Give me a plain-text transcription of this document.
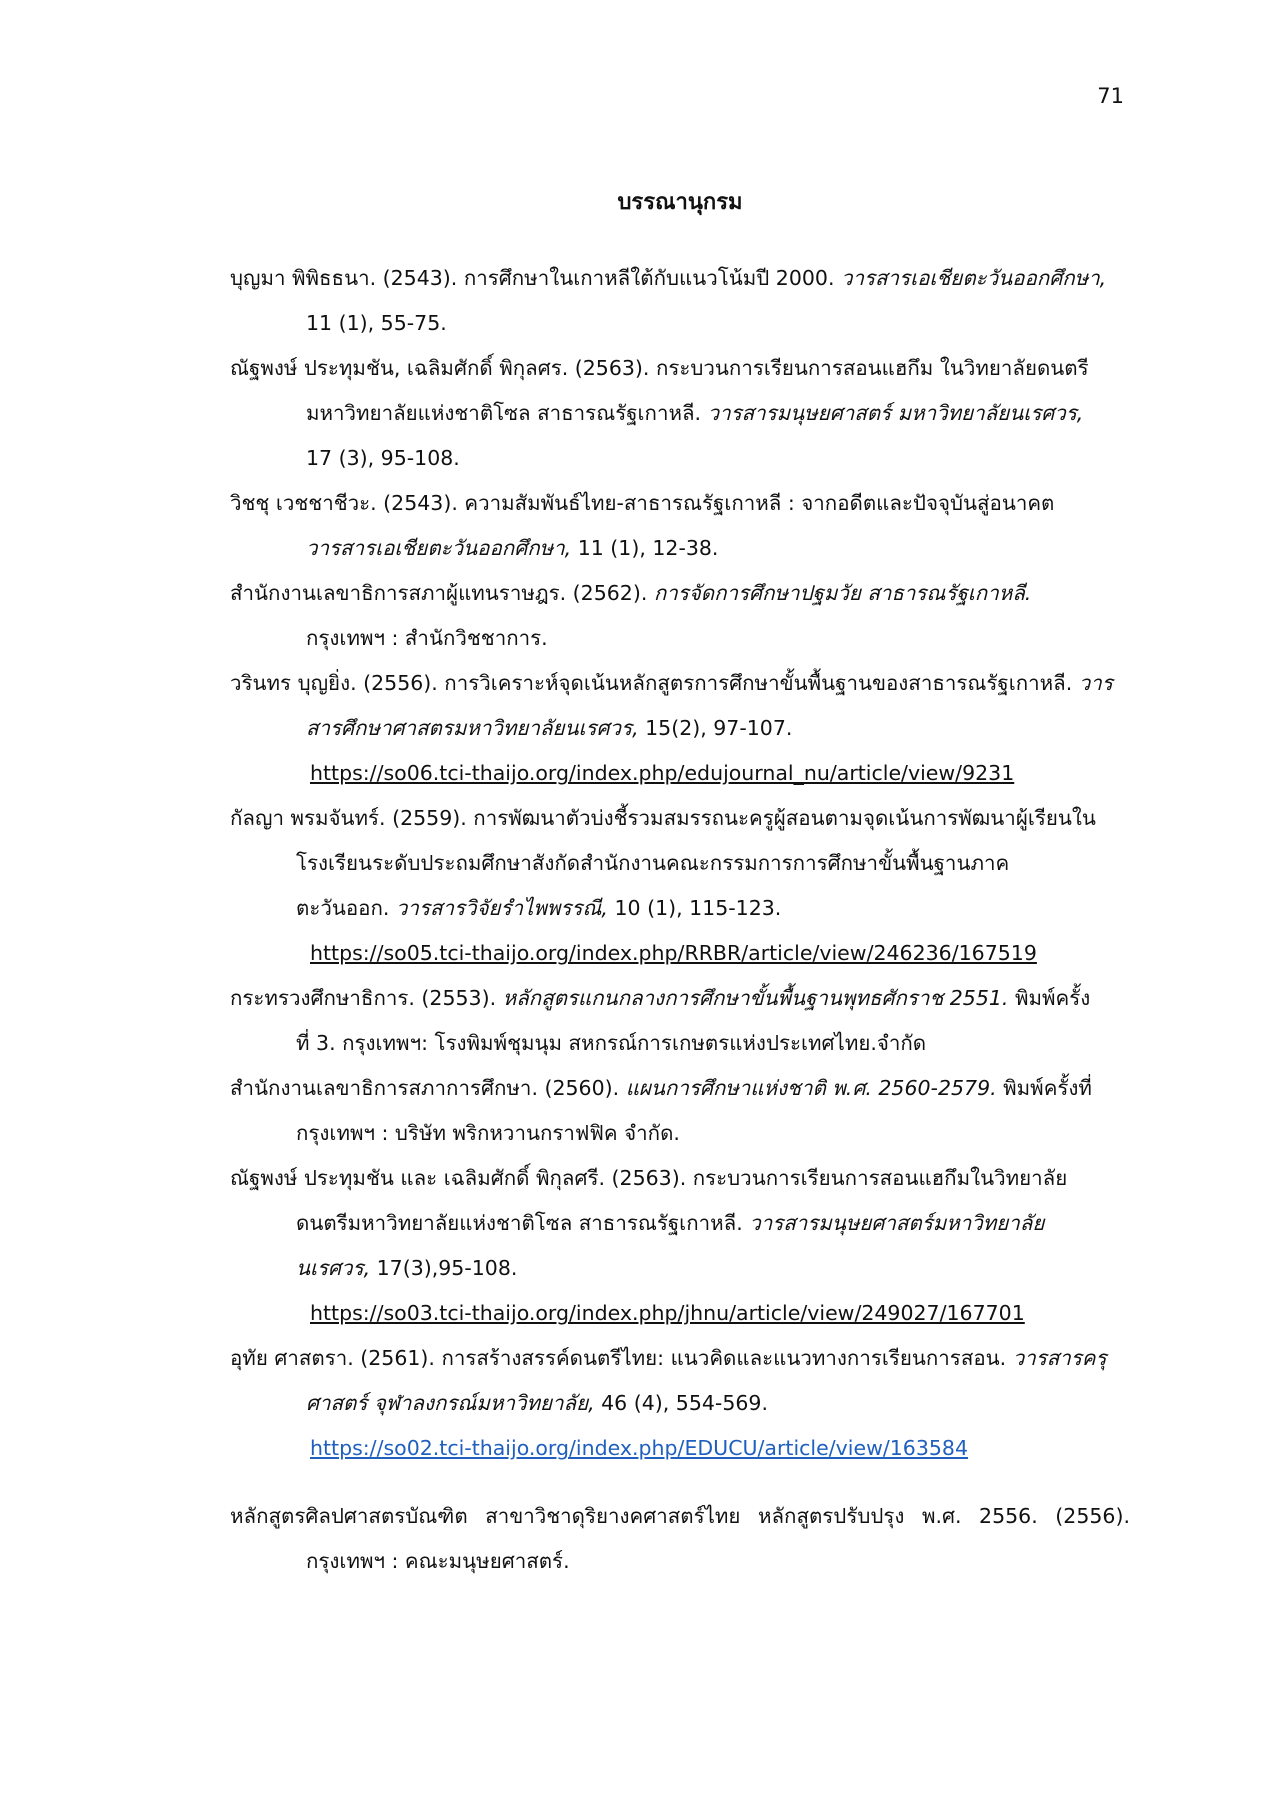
71
บรรณานุกรม
บุญมา พิพิธธนา. (2543). การศึกษาในเกาหลีใต้กับแนวโน้มปี 2000. วารสารเอเชียตะวันออกศึกษา,
11 (1), 55-75.
ณัฐพงษ์ ประทุมชัน, เฉลิมศักดิ์ พิกุลศร. (2563). กระบวนการเรียนการสอนแฮกึม ในวิทยาลัยดนตรี
มหาวิทยาลัยแห่งชาติโซล สาธารณรัฐเกาหลี. วารสารมนุษยศาสตร์ มหาวิทยาลัยนเรศวร,
17 (3), 95-108.
วิชชุ เวชชาชีวะ. (2543). ความสัมพันธ์ไทย-สาธารณรัฐเกาหลี : จากอดีตและปัจจุบันสู่อนาคต
วารสารเอเชียตะวันออกศึกษา, 11 (1), 12-38.
สำนักงานเลขาธิการสภาผู้แทนราษฎร. (2562). การจัดการศึกษาปฐมวัย สาธารณรัฐเกาหลี.
กรุงเทพฯ : สำนักวิชชาการ.
วรินทร บุญยิ่ง. (2556). การวิเคราะห์จุดเน้นหลักสูตรการศึกษาขั้นพื้นฐานของสาธารณรัฐเกาหลี. วาร
สารศึกษาศาสตรมหาวิทยาลัยนเรศวร, 15(2), 97-107.
https://so06.tci-thaijo.org/index.php/edujournal_nu/article/view/9231
กัลญา พรมจันทร์. (2559). การพัฒนาตัวบ่งชี้รวมสมรรถนะครูผู้สอนตามจุดเน้นการพัฒนาผู้เรียนใน
โรงเรียนระดับประถมศึกษาสังกัดสำนักงานคณะกรรมการการศึกษาขั้นพื้นฐานภาค
ตะวันออก. วารสารวิจัยรำไพพรรณี, 10 (1), 115-123.
https://so05.tci-thaijo.org/index.php/RRBR/article/view/246236/167519
กระทรวงศึกษาธิการ. (2553). หลักสูตรแกนกลางการศึกษาขั้นพื้นฐานพุทธศักราช 2551. พิมพ์ครั้ง
ที่ 3. กรุงเทพฯ: โรงพิมพ์ชุมนุม สหกรณ์การเกษตรแห่งประเทศไทย.จำกัด
สำนักงานเลขาธิการสภาการศึกษา. (2560). แผนการศึกษาแห่งชาติ พ.ศ. 2560-2579. พิมพ์ครั้งที่
กรุงเทพฯ : บริษัท พริกหวานกราฟฟิค จำกัด.
ณัฐพงษ์ ประทุมชัน และ เฉลิมศักดิ์ พิกุลศรี. (2563). กระบวนการเรียนการสอนแฮกึมในวิทยาลัย
ดนตรีมหาวิทยาลัยแห่งชาติโซล สาธารณรัฐเกาหลี. วารสารมนุษยศาสตร์มหาวิทยาลัย
นเรศวร, 17(3),95-108.
https://so03.tci-thaijo.org/index.php/jhnu/article/view/249027/167701
อุทัย ศาสตรา. (2561). การสร้างสรรค์ดนตรีไทย: แนวคิดและแนวทางการเรียนการสอน. วารสารครุ
ศาสตร์ จุฬาลงกรณ์มหาวิทยาลัย, 46 (4), 554-569.
https://so02.tci-thaijo.org/index.php/EDUCU/article/view/163584
หลักสูตรศิลปศาสตรบัณฑิต สาขาวิชาดุริยางคศาสตร์ไทย หลักสูตรปรับปรุง พ.ศ. 2556. (2556).
กรุงเทพฯ : คณะมนุษยศาสตร์.
